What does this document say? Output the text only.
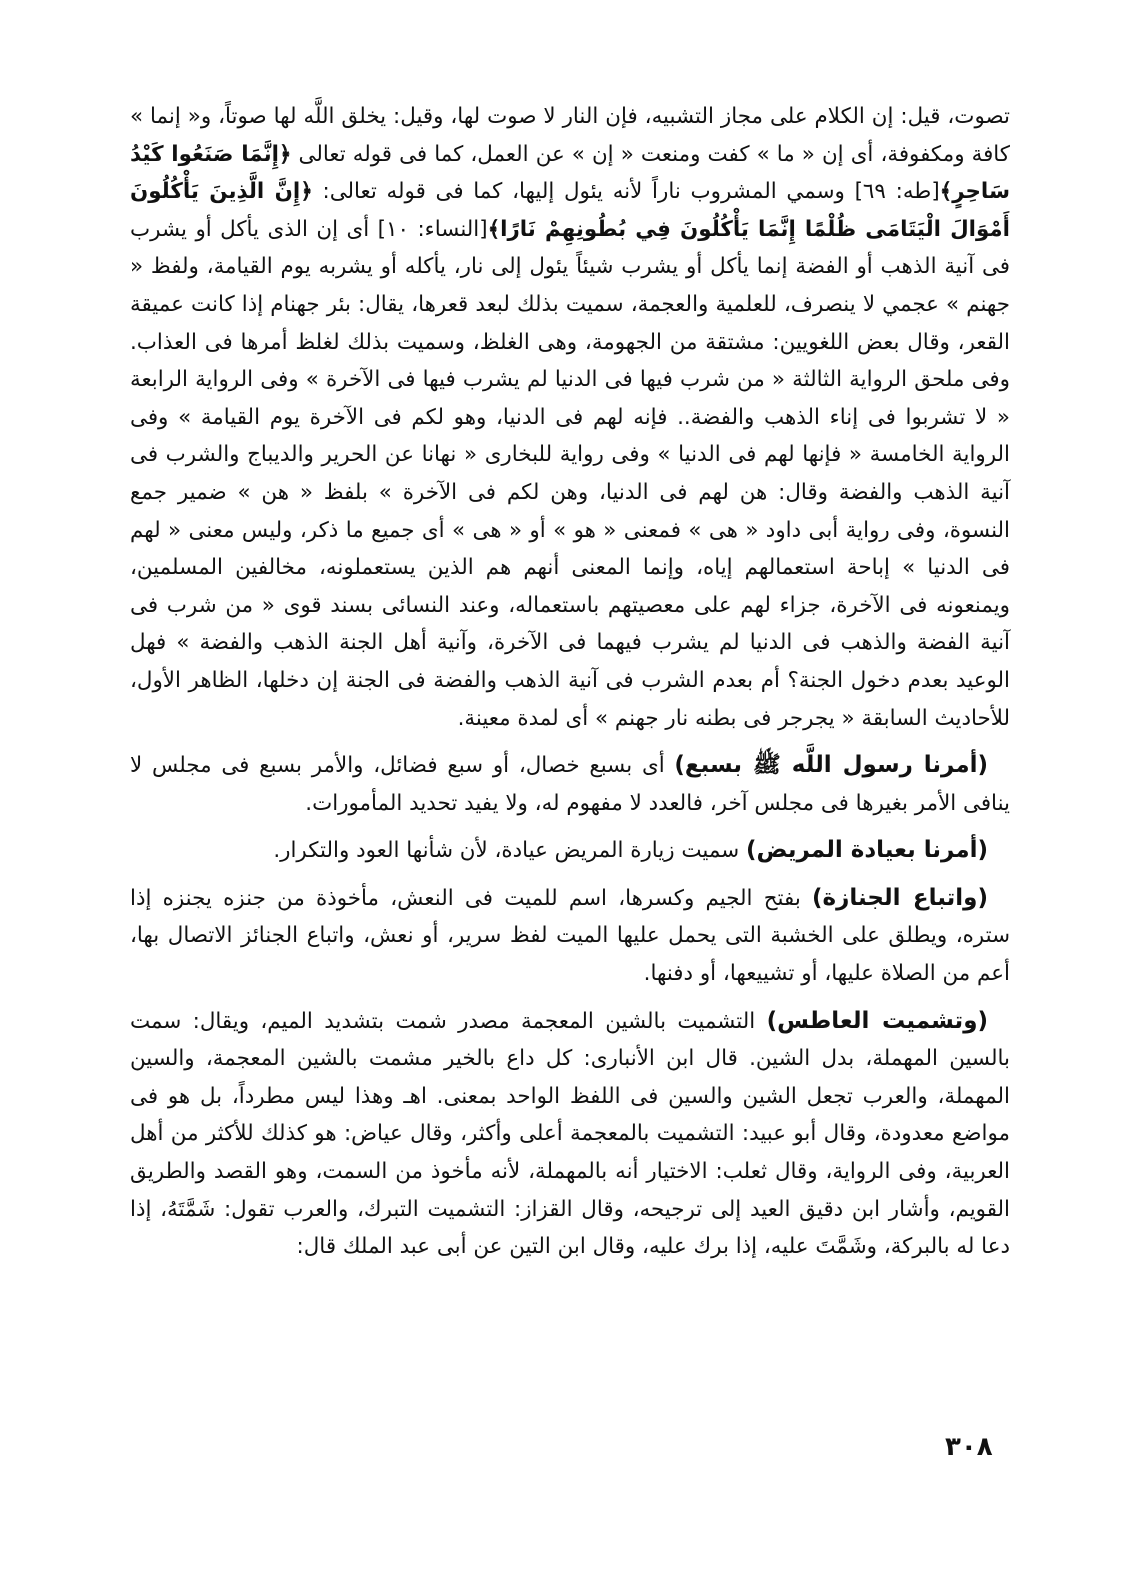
تصوت، قيل: إن الكلام على مجاز التشبيه، فإن النار لا صوت لها، وقيل: يخلق اللَّه لها صوتاً، و« إنما » كافة ومكفوفة، أى إن « ما » كفت ومنعت « إن » عن العمل، كما فى قوله تعالى ﴿إِنَّمَا صَنَعُوا كَيْدُ سَاحِرٍ﴾[طه: ٦٩] وسمي المشروب ناراً لأنه يئول إليها، كما فى قوله تعالى: ﴿إِنَّ الَّذِينَ يَأْكُلُونَ أَمْوَالَ الْيَتَامَى ظُلْمًا إِنَّمَا يَأْكُلُونَ فِي بُطُونِهِمْ نَارًا﴾[النساء: ١٠] أى إن الذى يأكل أو يشرب فى آنية الذهب أو الفضة إنما يأكل أو يشرب شيئاً يئول إلى نار، يأكله أو يشربه يوم القيامة، ولفظ « جهنم » عجمي لا ينصرف، للعلمية والعجمة، سميت بذلك لبعد قعرها، يقال: بئر جهنام إذا كانت عميقة القعر، وقال بعض اللغويين: مشتقة من الجهومة، وهى الغلظ، وسميت بذلك لغلظ أمرها فى العذاب. وفى ملحق الرواية الثالثة « من شرب فيها فى الدنيا لم يشرب فيها فى الآخرة » وفى الرواية الرابعة « لا تشربوا فى إناء الذهب والفضة.. فإنه لهم فى الدنيا، وهو لكم فى الآخرة يوم القيامة » وفى الرواية الخامسة « فإنها لهم فى الدنيا » وفى رواية للبخارى « نهانا عن الحرير والديباج والشرب فى آنية الذهب والفضة وقال: هن لهم فى الدنيا، وهن لكم فى الآخرة » بلفظ « هن » ضمير جمع النسوة، وفى رواية أبى داود « هى » فمعنى « هو » أو « هى » أى جميع ما ذكر، وليس معنى « لهم فى الدنيا » إباحة استعمالهم إياه، وإنما المعنى أنهم هم الذين يستعملونه، مخالفين المسلمين، ويمنعونه فى الآخرة، جزاء لهم على معصيتهم باستعماله، وعند النسائى بسند قوى « من شرب فى آنية الفضة والذهب فى الدنيا لم يشرب فيهما فى الآخرة، وآنية أهل الجنة الذهب والفضة » فهل الوعيد بعدم دخول الجنة؟ أم بعدم الشرب فى آنية الذهب والفضة فى الجنة إن دخلها، الظاهر الأول، للأحاديث السابقة « يجرجر فى بطنه نار جهنم » أى لمدة معينة.

(أمرنا رسول اللَّه ﷺ بسبع) أى بسبع خصال، أو سبع فضائل، والأمر بسبع فى مجلس لا ينافى الأمر بغيرها فى مجلس آخر، فالعدد لا مفهوم له، ولا يفيد تحديد المأمورات.

(أمرنا بعيادة المريض) سميت زيارة المريض عيادة، لأن شأنها العود والتكرار.

(واتباع الجنازة) بفتح الجيم وكسرها، اسم للميت فى النعش، مأخوذة من جنزه يجنزه إذا ستره، ويطلق على الخشبة التى يحمل عليها الميت لفظ سرير، أو نعش، واتباع الجنائز الاتصال بها، أعم من الصلاة عليها، أو تشييعها، أو دفنها.

(وتشميت العاطس) التشميت بالشين المعجمة مصدر شمت بتشديد الميم، ويقال: سمت بالسين المهملة، بدل الشين. قال ابن الأنبارى: كل داع بالخير مشمت بالشين المعجمة، والسين المهملة، والعرب تجعل الشين والسين فى اللفظ الواحد بمعنى. اهـ وهذا ليس مطرداً، بل هو فى مواضع معدودة، وقال أبو عبيد: التشميت بالمعجمة أعلى وأكثر، وقال عياض: هو كذلك للأكثر من أهل العربية، وفى الرواية، وقال ثعلب: الاختيار أنه بالمهملة، لأنه مأخوذ من السمت، وهو القصد والطريق القويم، وأشار ابن دقيق العيد إلى ترجيحه، وقال القزاز: التشميت التبرك، والعرب تقول: شَمَّتَهُ، إذا دعا له بالبركة، وشَمَّتَ عليه، إذا برك عليه، وقال ابن التين عن أبى عبد الملك قال:

٣٠٨
